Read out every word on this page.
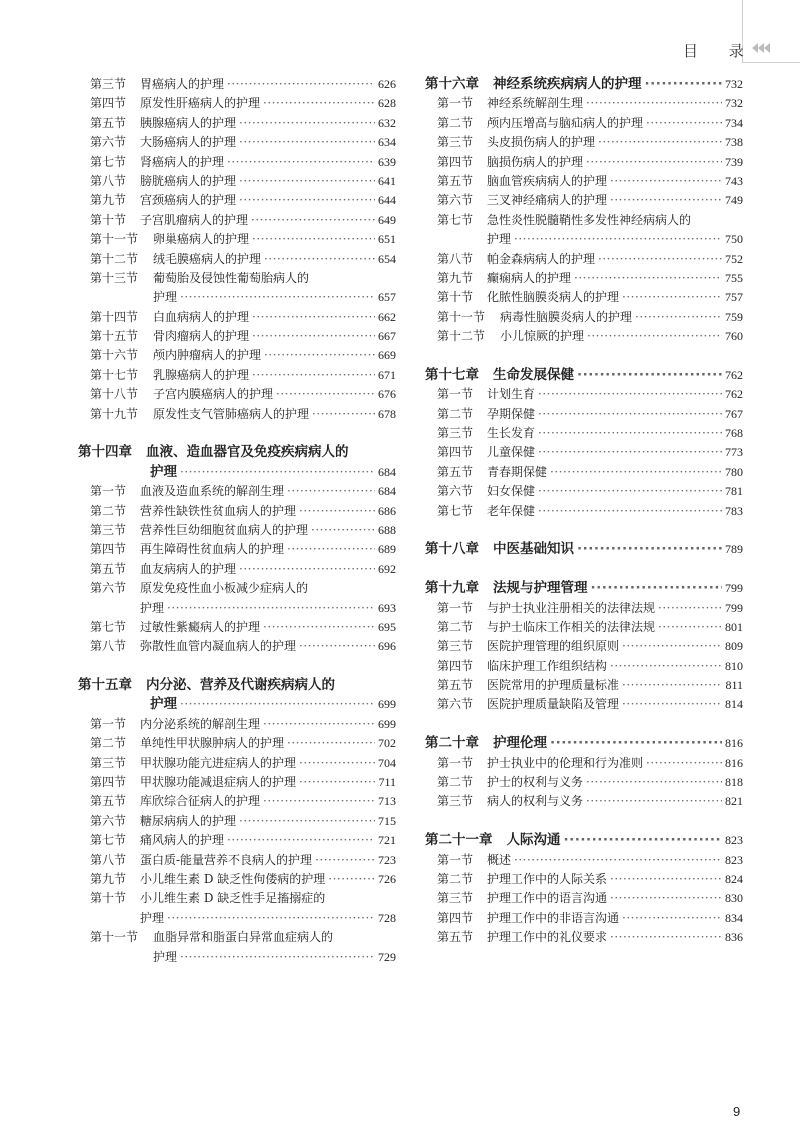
目 录
第三节	胃癌病人的护理 ·····	626
第四节	原发性肝癌病人的护理 ·····	628
第五节	胰腺癌病人的护理 ·····	632
第六节	大肠癌病人的护理 ·····	634
第七节	肾癌病人的护理 ·····	639
第八节	膀胱癌病人的护理 ·····	641
第九节	宫颈癌病人的护理 ·····	644
第十节	子宫肌瘤病人的护理 ·····	649
第十一节	卵巢癌病人的护理 ·····	651
第十二节	绒毛膜癌病人的护理 ·····	654
第十三节	葡萄胎及侵蚀性葡萄胎病人的
护理 ·····	657
第十四节	白血病病人的护理 ·····	662
第十五节	骨肉瘤病人的护理 ·····	667
第十六节	颅内肿瘤病人的护理 ·····	669
第十七节	乳腺癌病人的护理 ·····	671
第十八节	子宫内膜癌病人的护理 ·····	676
第十九节	原发性支气管肺癌病人的护理 ·····	678
第十四章 血液、造血器官及免疫疾病病人的
护理 ·····	684
第一节	血液及造血系统的解剖生理 ·····	684
第二节	营养性缺铁性贫血病人的护理 ·····	686
第三节	营养性巨幼细胞贫血病人的护理 ·····	688
第四节	再生障碍性贫血病人的护理 ·····	689
第五节	血友病病人的护理 ·····	692
第六节	原发免疫性血小板减少症病人的
护理 ·····	693
第七节	过敏性紫癜病人的护理 ·····	695
第八节	弥散性血管内凝血病人的护理 ·····	696
第十五章 内分泌、营养及代谢疾病病人的
护理 ·····	699
第一节	内分泌系统的解剖生理 ·····	699
第二节	单纯性甲状腺肿病人的护理 ·····	702
第三节	甲状腺功能亢进症病人的护理 ·····	704
第四节	甲状腺功能减退症病人的护理 ·····	711
第五节	库欣综合征病人的护理 ·····	713
第六节	糖尿病病人的护理 ·····	715
第七节	痛风病人的护理 ·····	721
第八节	蛋白质-能量营养不良病人的护理 ·····	723
第九节	小儿维生素 D 缺乏性佝偻病的护理 ·····	726
第十节	小儿维生素 D 缺乏性手足搐搦症的
护理 ·····	728
第十一节	血脂异常和脂蛋白异常血症病人的
护理 ·····	729
第十六章 神经系统疾病病人的护理 ·····	732
第一节	神经系统解剖生理 ·····	732
第二节	颅内压增高与脑疝病人的护理 ·····	734
第三节	头皮损伤病人的护理 ·····	738
第四节	脑损伤病人的护理 ·····	739
第五节	脑血管疾病病人的护理 ·····	743
第六节	三叉神经痛病人的护理 ·····	749
第七节	急性炎性脱髓鞘性多发性神经病病人的
护理 ·····	750
第八节	帕金森病病人的护理 ·····	752
第九节	癫痫病人的护理 ·····	755
第十节	化脓性脑膜炎病人的护理 ·····	757
第十一节	病毒性脑膜炎病人的护理 ·····	759
第十二节	小儿惊厥的护理 ·····	760
第十七章 生命发展保健 ·····	762
第一节	计划生育 ·····	762
第二节	孕期保健 ·····	767
第三节	生长发育 ·····	768
第四节	儿童保健 ·····	773
第五节	青春期保健 ·····	780
第六节	妇女保健 ·····	781
第七节	老年保健 ·····	783
第十八章 中医基础知识 ·····	789
第十九章 法规与护理管理 ·····	799
第一节	与护士执业注册相关的法律法规 ·····	799
第二节	与护士临床工作相关的法律法规 ·····	801
第三节	医院护理管理的组织原则 ·····	809
第四节	临床护理工作组织结构 ·····	810
第五节	医院常用的护理质量标准 ·····	811
第六节	医院护理质量缺陷及管理 ·····	814
第二十章 护理伦理 ·····	816
第一节	护士执业中的伦理和行为准则 ·····	816
第二节	护士的权利与义务 ·····	818
第三节	病人的权利与义务 ·····	821
第二十一章 人际沟通 ·····	823
第一节	概述 ·····	823
第二节	护理工作中的人际关系 ·····	824
第三节	护理工作中的语言沟通 ·····	830
第四节	护理工作中的非语言沟通 ·····	834
第五节	护理工作中的礼仪要求 ·····	836
9
